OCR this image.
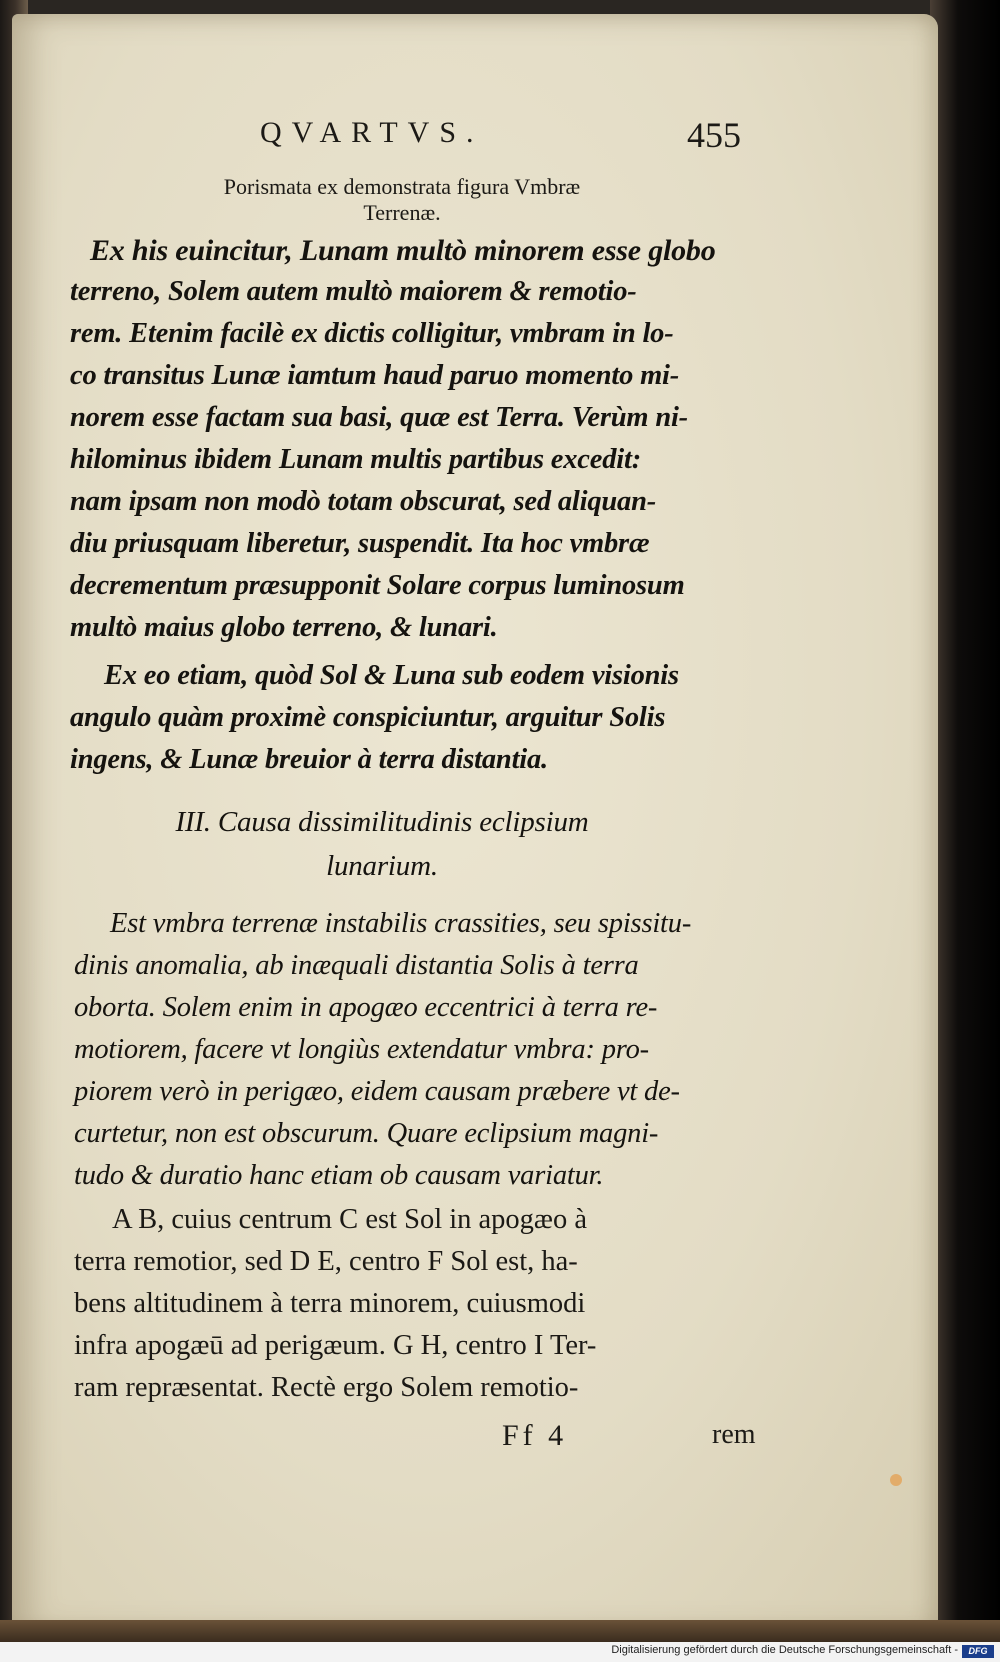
QVARTVS.	455
Porismata ex demonstrata figura Vmbræ
Terrenæ.
Ex his euincitur, Lunam multò minorem esse globo
terreno, Solem autem multò maiorem & remotio-
rem. Etenim facilè ex dictis colligitur, vmbram in lo-
co transitus Lunæ iamtum haud paruo momento mi-
norem esse factam sua basi, quæ est Terra. Verùm ni-
hilominus ibidem Lunam multis partibus excedit:
nam ipsam non modò totam obscurat, sed aliquan-
diu priusquam liberetur, suspendit. Ita hoc vmbræ
decrementum præsupponit Solare corpus luminosum
multò maius globo terreno, & lunari.
Ex eo etiam, quòd Sol & Luna sub eodem visionis
angulo quàm proximè conspiciuntur, arguitur Solis
ingens, & Lunæ breuior à terra distantia.
III. Causa dissimilitudinis eclipsium
lunarium.
Est vmbra terrenæ instabilis crassities, seu spissitu-
dinis anomalia, ab inæquali distantia Solis à terra
oborta. Solem enim in apogæo eccentrici à terra re-
motiorem, facere vt longiùs extendatur vmbra: pro-
piorem verò in perigæo, eidem causam præbere vt de-
curtetur, non est obscurum. Quare eclipsium magni-
tudo & duratio hanc etiam ob causam variatur.
A B, cuius centrum C est Sol in apogæo à
terra remotior, sed D E, centro F Sol est, ha-
bens altitudinem à terra minorem, cuiusmodi
infra apogæū ad perigæum. G H, centro I Ter-
ram repræsentat. Rectè ergo Solem remotio-
Ff 4	rem
Digitalisierung gefördert durch die Deutsche Forschungsgemeinschaft -	DFG
